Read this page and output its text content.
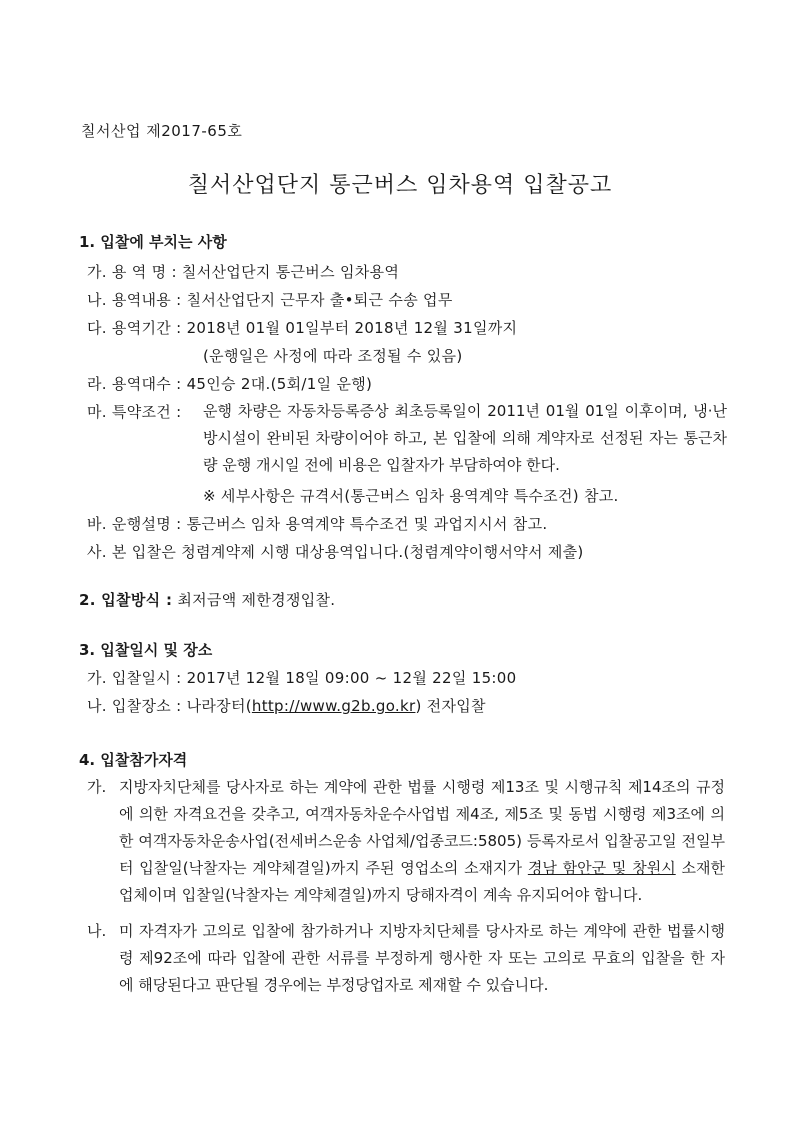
칠서산업 제2017-65호
칠서산업단지 통근버스 임차용역 입찰공고
1. 입찰에 부치는 사항
가. 용 역 명 : 칠서산업단지 통근버스 임차용역
나. 용역내용 : 칠서산업단지 근무자 출•퇴근 수송 업무
다. 용역기간 : 2018년 01월 01일부터 2018년 12월 31일까지
(운행일은 사정에 따라 조정될 수 있음)
라. 용역대수 : 45인승 2대.(5회/1일 운행)
마. 특약조건 : 운행 차량은 자동차등록증상 최초등록일이 2011년 01월 01일 이후이며, 냉·난방시설이 완비된 차량이어야 하고, 본 입찰에 의해 계약자로 선정된 자는 통근차량 운행 개시일 전에 비용은 입찰자가 부담하여야 한다.
※ 세부사항은 규격서(통근버스 임차 용역계약 특수조건) 참고.
바. 운행설명 : 통근버스 임차 용역계약 특수조건 및 과업지시서 참고.
사. 본 입찰은 청렴계약제 시행 대상용역입니다.(청렴계약이행서약서 제출)
2. 입찰방식 : 최저금액 제한경쟁입찰.
3. 입찰일시 및 장소
가. 입찰일시 : 2017년 12월 18일 09:00 ~ 12월 22일 15:00
나. 입찰장소 : 나라장터(http://www.g2b.go.kr) 전자입찰
4. 입찰참가자격
가. 지방자치단체를 당사자로 하는 계약에 관한 법률 시행령 제13조 및 시행규칙 제14조의 규정에 의한 자격요건을 갖추고, 여객자동차운수사업법 제4조, 제5조 및 동법 시행령 제3조에 의한 여객자동차운송사업(전세버스운송 사업체/업종코드:5805) 등록자로서 입찰공고일 전일부터 입찰일(낙찰자는 계약체결일)까지 주된 영업소의 소재지가 경남 함안군 및 창원시 소재한 업체이며 입찰일(낙찰자는 계약체결일)까지 당해자격이 계속 유지되어야 합니다.
나. 미 자격자가 고의로 입찰에 참가하거나 지방자치단체를 당사자로 하는 계약에 관한 법률시행령 제92조에 따라 입찰에 관한 서류를 부정하게 행사한 자 또는 고의로 무효의 입찰을 한 자에 해당된다고 판단될 경우에는 부정당업자로 제재할 수 있습니다.
